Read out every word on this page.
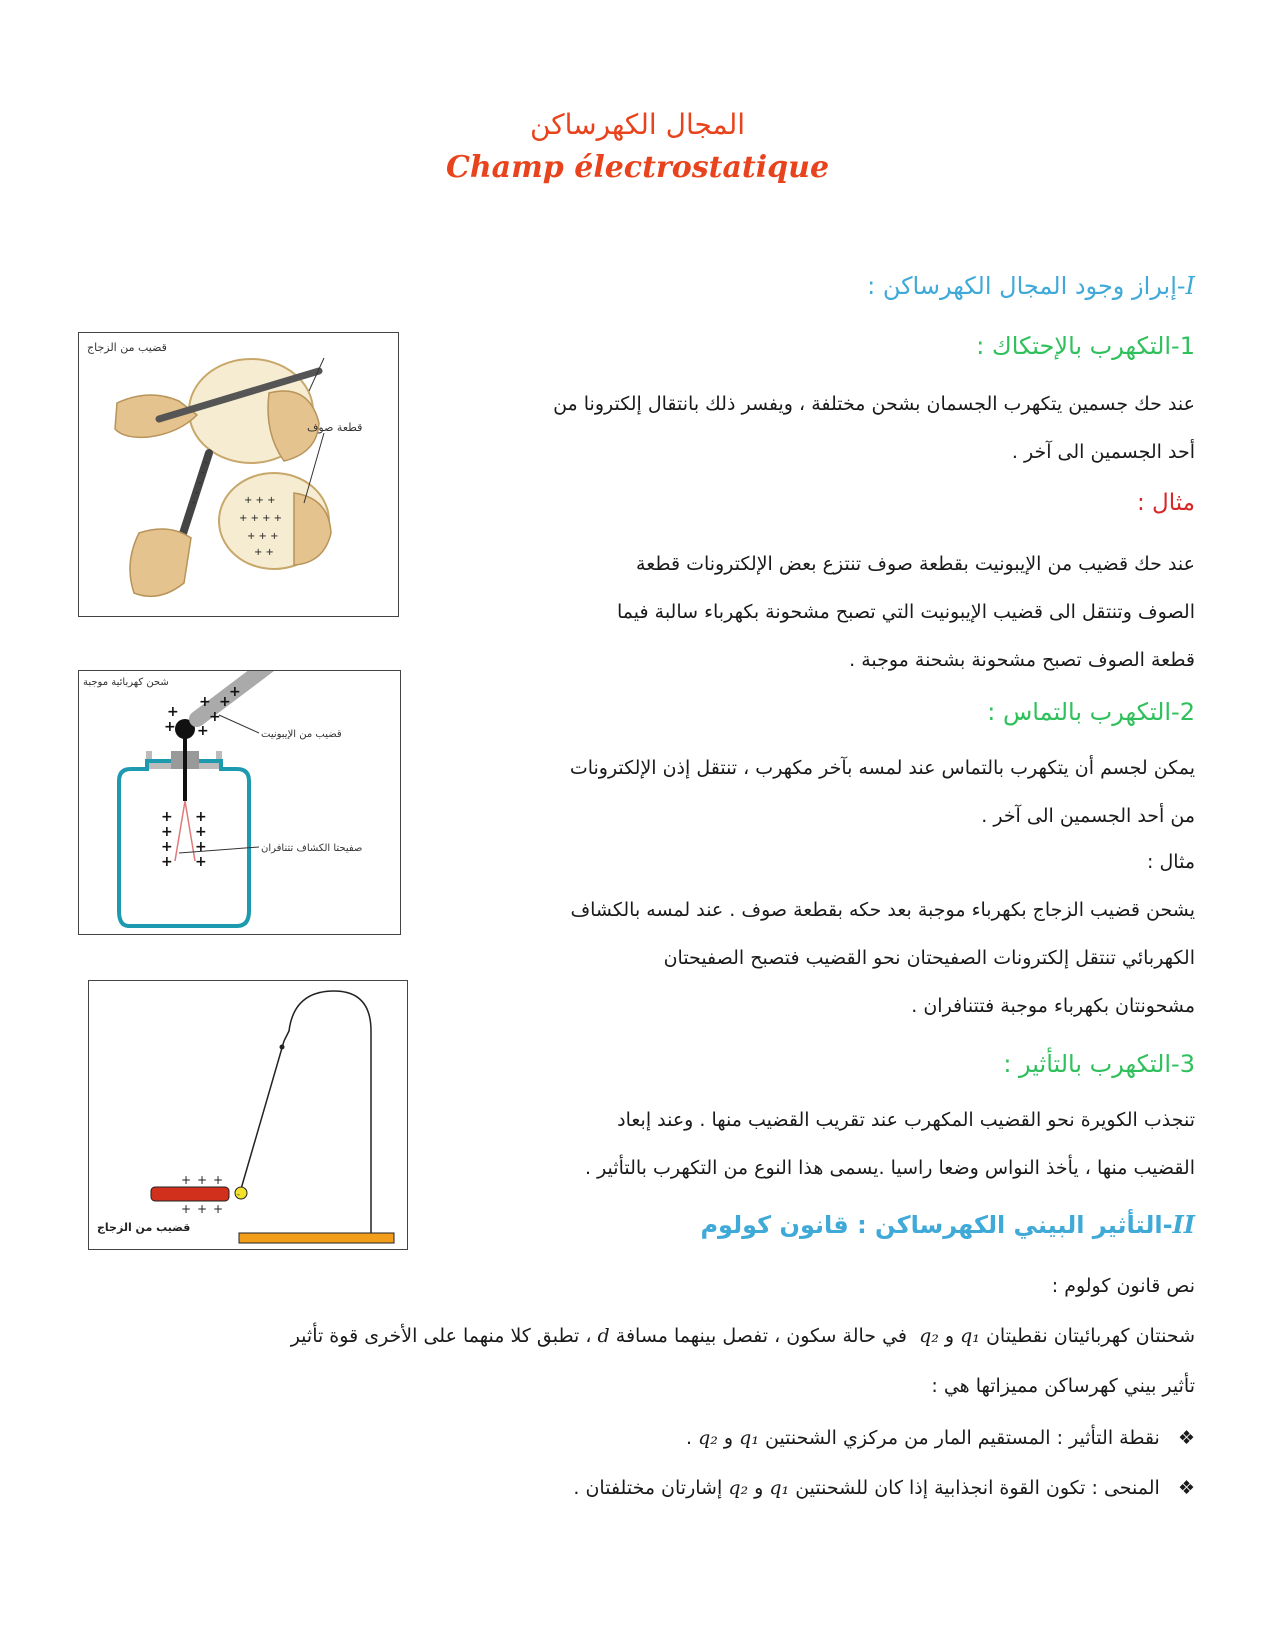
المجال الكهرساكن
Champ électrostatique
I-إبراز وجود المجال الكهرساكن :
1-التكهرب بالإحتكاك :
عند حك جسمين يتكهرب الجسمان بشحن مختلفة ، ويفسر ذلك بانتقال إلكترونا من
أحد الجسمين الى آخر .
مثال :
عند حك قضيب من الإيبونيت بقطعة صوف تنتزع بعض الإلكترونات قطعة
الصوف وتنتقل الى قضيب الإيبونيت التي تصبح مشحونة بكهرباء سالبة فيما
قطعة الصوف تصبح مشحونة بشحنة موجبة .
2-التكهرب بالتماس :
يمكن لجسم أن يتكهرب بالتماس عند لمسه بآخر مكهرب ، تنتقل إذن الإلكترونات
من أحد الجسمين الى آخر .
مثال :
يشحن قضيب الزجاج بكهرباء موجبة بعد حكه بقطعة صوف . عند لمسه بالكشاف
الكهربائي تنتقل إلكترونات الصفيحتان نحو القضيب فتصبح الصفيحتان
مشحونتان بكهرباء موجبة فتتنافران .
3-التكهرب بالتأثير :
تنجذب الكويرة نحو القضيب المكهرب عند تقريب القضيب منها . وعند إبعاد
القضيب منها ، يأخذ النواس وضعا راسيا .يسمى هذا النوع من التكهرب بالتأثير .
II-التأثير البيني الكهرساكن : قانون كولوم
نص قانون كولوم :
شحنتان كهربائيتان نقطيتان q₁ و q₂  في حالة سكون ، تفصل بينهما مسافة d ، تطبق كلا منهما على الأخرى قوة تأثير
تأثير بيني كهرساكن مميزاتها هي :
❖   نقطة التأثير : المستقيم المار من مركزي الشحنتين q₁ و q₂ .
❖   المنحى : تكون القوة انجذابية إذا كان للشحنتين q₁ و q₂ إشارتان مختلفتان .
+ + +
+ + + +
+ + +
+ +
-
-
-
-
-
قضيب من الزجاج
قطعة صوف
+
+
+
+
+
+ +
+
+
+
+
+
+
+
+
شحن كهربائية موجبة
قضيب من الإيبونيت
صفيحتا الكشاف تتنافران
-
+ + +
+ + +
قضيب من الزجاج
